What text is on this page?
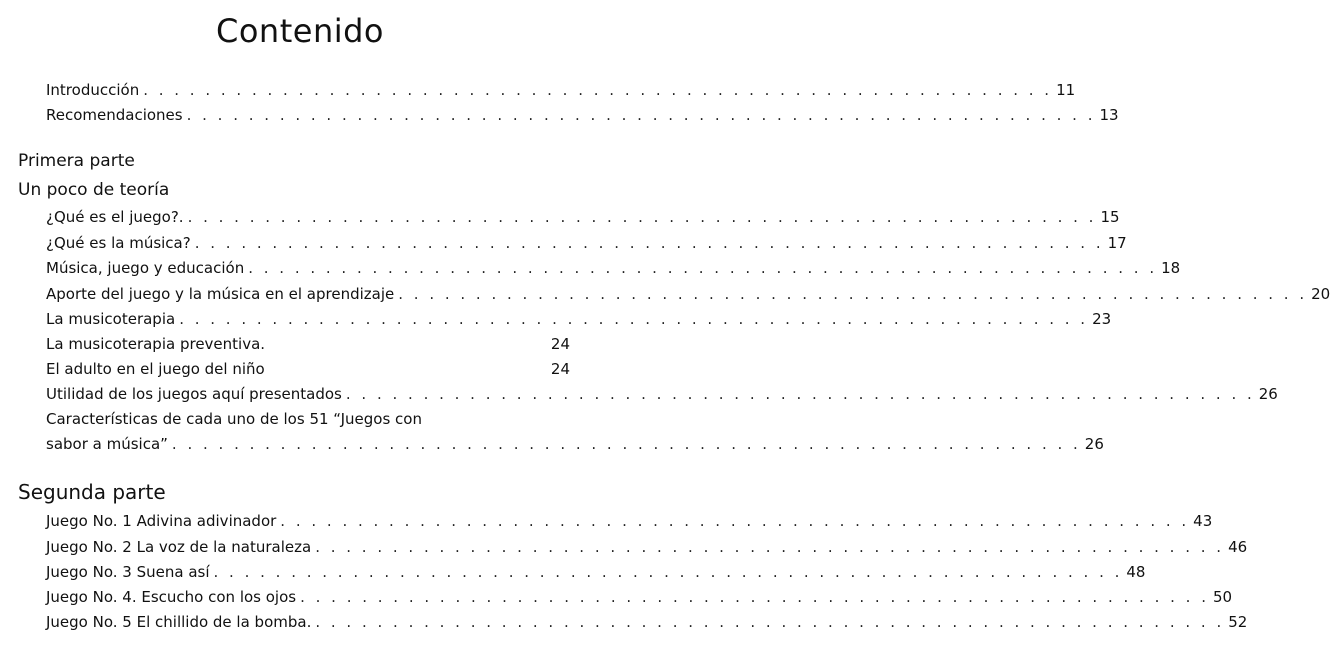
Contenido
Introducción . . . . . . . . . . . . . . . . . . . . . . . . . . . . . . . . . . . . . . . . . . . . . . . . . . . . . . . . . . . 11
Recomendaciones . . . . . . . . . . . . . . . . . . . . . . . . . . . . . . . . . . . . . . . . . . . . . . . . . . . . . . . . . . . 13
Primera parte
Un poco de teoría
¿Qué es el juego?. . . . . . . . . . . . . . . . . . . . . . . . . . . . . . . . . . . . . . . . . . . . . . . . . . . . . . . . . . . . 15
¿Qué es la música? . . . . . . . . . . . . . . . . . . . . . . . . . . . . . . . . . . . . . . . . . . . . . . . . . . . . . . . . . . . 17
Música, juego y educación . . . . . . . . . . . . . . . . . . . . . . . . . . . . . . . . . . . . . . . . . . . . . . . . . . . . . . . . . . . 18
Aporte del juego y la música en el aprendizaje . . . . . . . . . . . . . . . . . . . . . . . . . . . . . . . . . . . . . . . . . . . . . . . . . . . . . . . . . . . 20
La musicoterapia . . . . . . . . . . . . . . . . . . . . . . . . . . . . . . . . . . . . . . . . . . . . . . . . . . . . . . . . . . . 23
La musicoterapia preventiva.	24
El adulto en el juego del niño	24
Utilidad de los juegos aquí presentados . . . . . . . . . . . . . . . . . . . . . . . . . . . . . . . . . . . . . . . . . . . . . . . . . . . . . . . . . . . 26
Características de cada uno de los 51 “Juegos con
sabor a música” . . . . . . . . . . . . . . . . . . . . . . . . . . . . . . . . . . . . . . . . . . . . . . . . . . . . . . . . . . . 26
Segunda parte
Juego No. 1 Adivina adivinador . . . . . . . . . . . . . . . . . . . . . . . . . . . . . . . . . . . . . . . . . . . . . . . . . . . . . . . . . . . 43
Juego No. 2 La voz de la naturaleza . . . . . . . . . . . . . . . . . . . . . . . . . . . . . . . . . . . . . . . . . . . . . . . . . . . . . . . . . . . 46
Juego No. 3 Suena así . . . . . . . . . . . . . . . . . . . . . . . . . . . . . . . . . . . . . . . . . . . . . . . . . . . . . . . . . . . 48
Juego No. 4. Escucho con los ojos . . . . . . . . . . . . . . . . . . . . . . . . . . . . . . . . . . . . . . . . . . . . . . . . . . . . . . . . . . . 50
Juego No. 5 El chillido de la bomba. . . . . . . . . . . . . . . . . . . . . . . . . . . . . . . . . . . . . . . . . . . . . . . . . . . . . . . . . . . . 52
